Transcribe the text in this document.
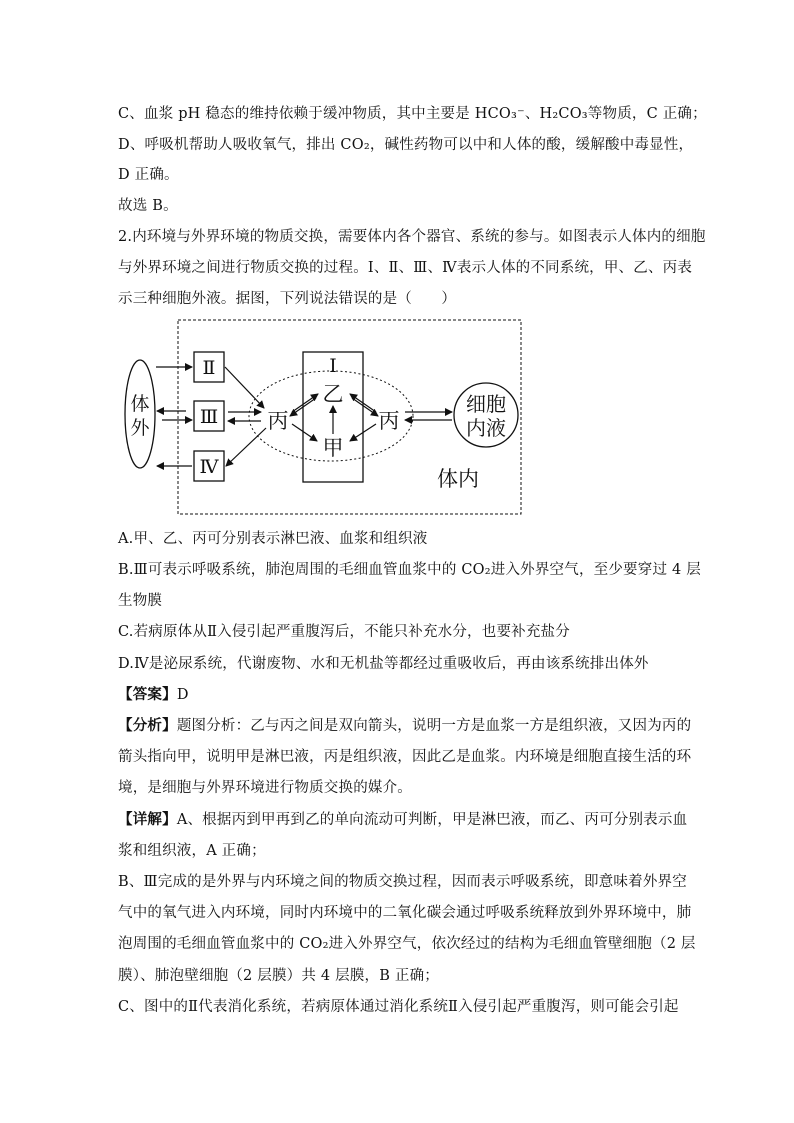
C、血浆 pH 稳态的维持依赖于缓冲物质，其中主要是 HCO₃⁻、H₂CO₃等物质，C 正确；
D、呼吸机帮助人吸收氧气，排出 CO₂，碱性药物可以中和人体的酸，缓解酸中毒显性，
D 正确。
故选 B。
2.内环境与外界环境的物质交换，需要体内各个器官、系统的参与。如图表示人体内的细胞
与外界环境之间进行物质交换的过程。Ⅰ、Ⅱ、Ⅲ、Ⅳ表示人体的不同系统，甲、乙、丙表
示三种细胞外液。据图，下列说法错误的是（　　）
体
外
Ⅱ
Ⅲ
Ⅳ
Ⅰ
乙
甲
丙	丙
细胞
内液
体内
A.甲、乙、丙可分别表示淋巴液、血浆和组织液
B.Ⅲ可表示呼吸系统，肺泡周围的毛细血管血浆中的 CO₂进入外界空气，至少要穿过 4 层
生物膜
C.若病原体从Ⅱ入侵引起严重腹泻后，不能只补充水分，也要补充盐分
D.Ⅳ是泌尿系统，代谢废物、水和无机盐等都经过重吸收后，再由该系统排出体外
【答案】D
【分析】题图分析：乙与丙之间是双向箭头，说明一方是血浆一方是组织液，又因为丙的
箭头指向甲，说明甲是淋巴液，丙是组织液，因此乙是血浆。内环境是细胞直接生活的环
境，是细胞与外界环境进行物质交换的媒介。
【详解】A、根据丙到甲再到乙的单向流动可判断，甲是淋巴液，而乙、丙可分别表示血
浆和组织液，A 正确；
B、Ⅲ完成的是外界与内环境之间的物质交换过程，因而表示呼吸系统，即意味着外界空
气中的氧气进入内环境，同时内环境中的二氧化碳会通过呼吸系统释放到外界环境中，肺
泡周围的毛细血管血浆中的 CO₂进入外界空气，依次经过的结构为毛细血管壁细胞（2 层
膜）、肺泡壁细胞（2 层膜）共 4 层膜，B 正确；
C、图中的Ⅱ代表消化系统，若病原体通过消化系统Ⅱ入侵引起严重腹泻，则可能会引起
